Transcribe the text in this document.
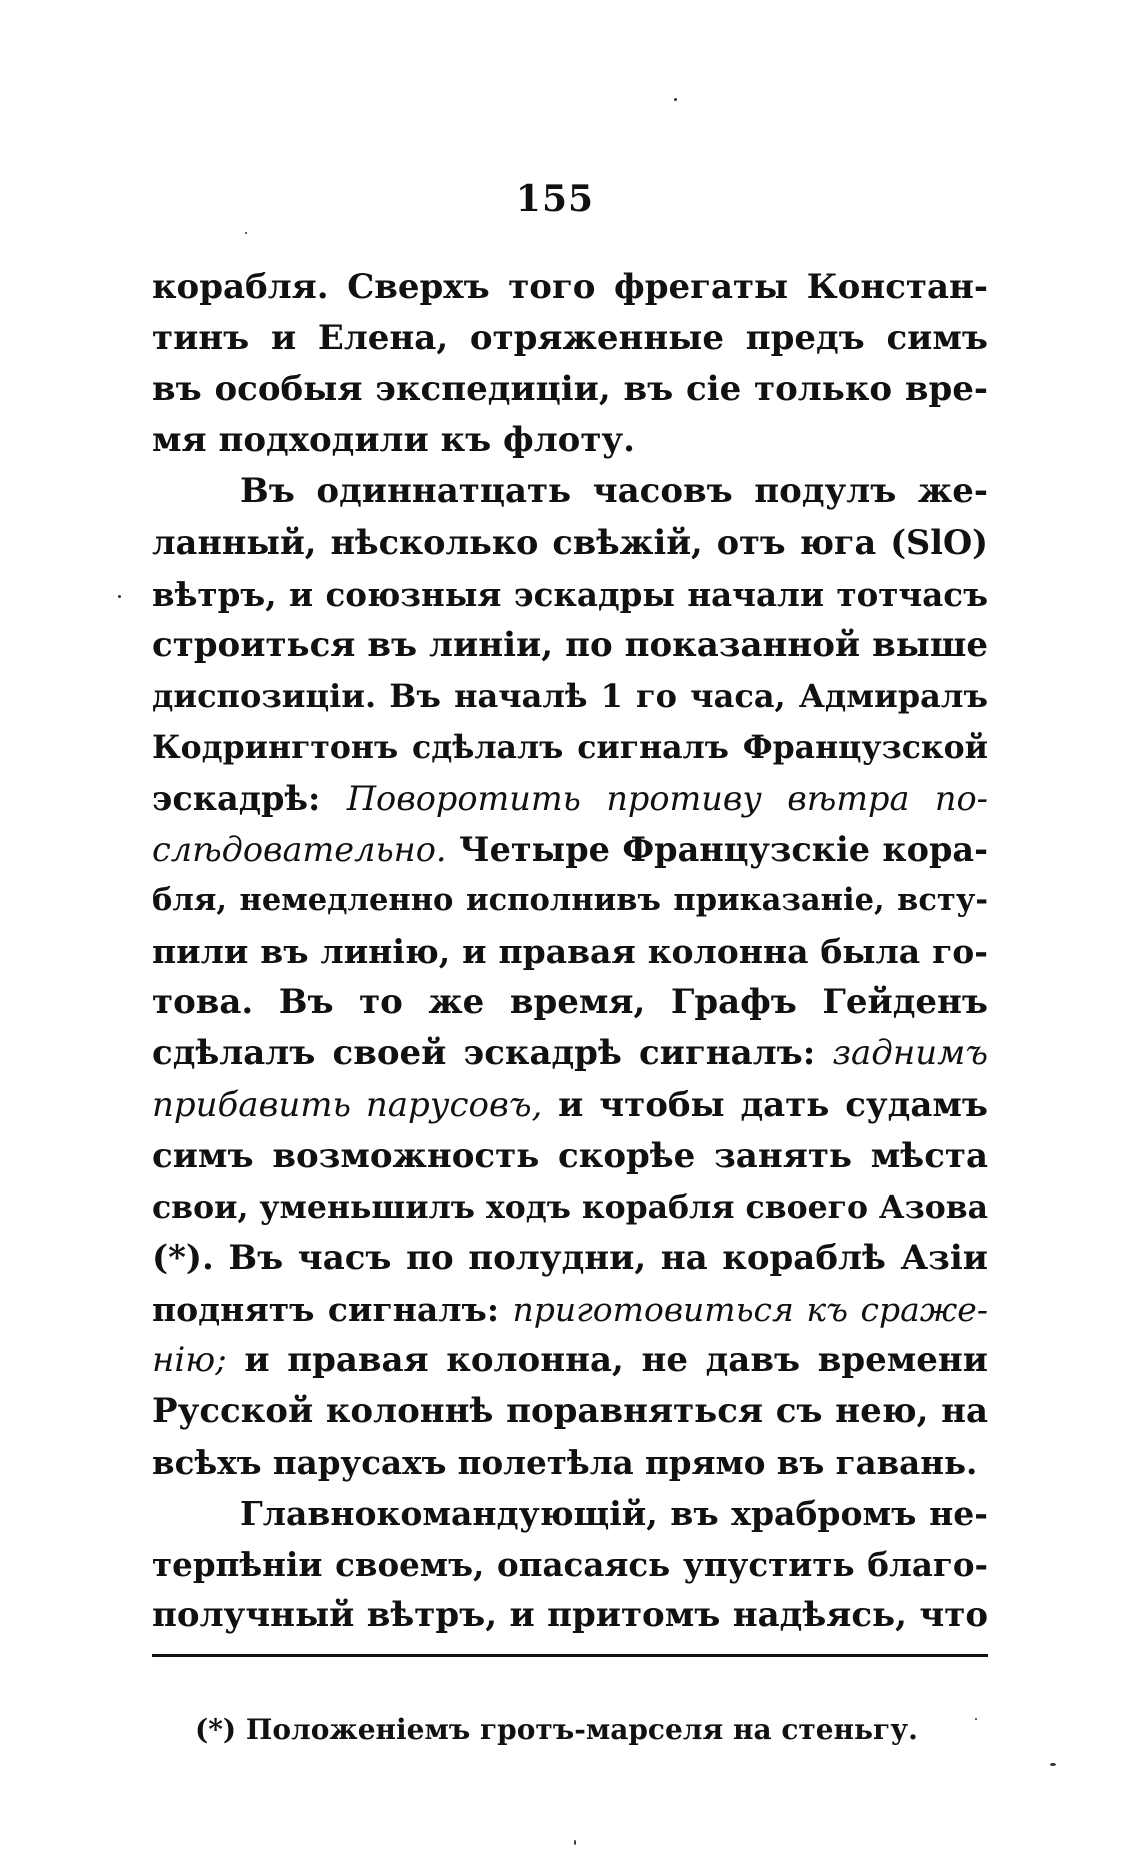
155
корабля. Сверхъ того фрегаты Констан-
тинъ и Елена, отряженные предъ симъ
въ особыя экспедиціи, въ сіе только вре-
мя подходили къ флоту.
Въ одиннатцать часовъ подулъ же-
ланный, нѣсколько свѣжій, отъ юга (SlO)
вѣтръ, и союзныя эскадры начали тотчасъ
строиться въ линіи, по показанной выше
диспозиціи. Въ началѣ 1 го часа, Адмиралъ
Кодрингтонъ сдѣлалъ сигналъ Французской
эскадрѣ: Поворотить противу вѣтра по-
слѣдовательно. Четыре Французскіе кора-
бля, немедленно исполнивъ приказаніе, всту-
пили въ линію, и правая колонна была го-
това. Въ то же время, Графъ Гейденъ
сдѣлалъ своей эскадрѣ сигналъ: заднимъ
прибавить парусовъ, и чтобы дать судамъ
симъ возможность скорѣе занять мѣста
свои, уменьшилъ ходъ корабля своего Азова
(*). Въ часъ по полудни, на кораблѣ Азіи
поднятъ сигналъ: приготовиться къ сраже-
нію; и правая колонна, не давъ времени
Русской колоннѣ поравняться съ нею, на
всѣхъ парусахъ полетѣла прямо въ гавань.
Главнокомандующій, въ храбромъ не-
терпѣніи своемъ, опасаясь упустить благо-
получный вѣтръ, и притомъ надѣясь, что
(*) Положеніемъ гротъ-марселя на стеньгу.
